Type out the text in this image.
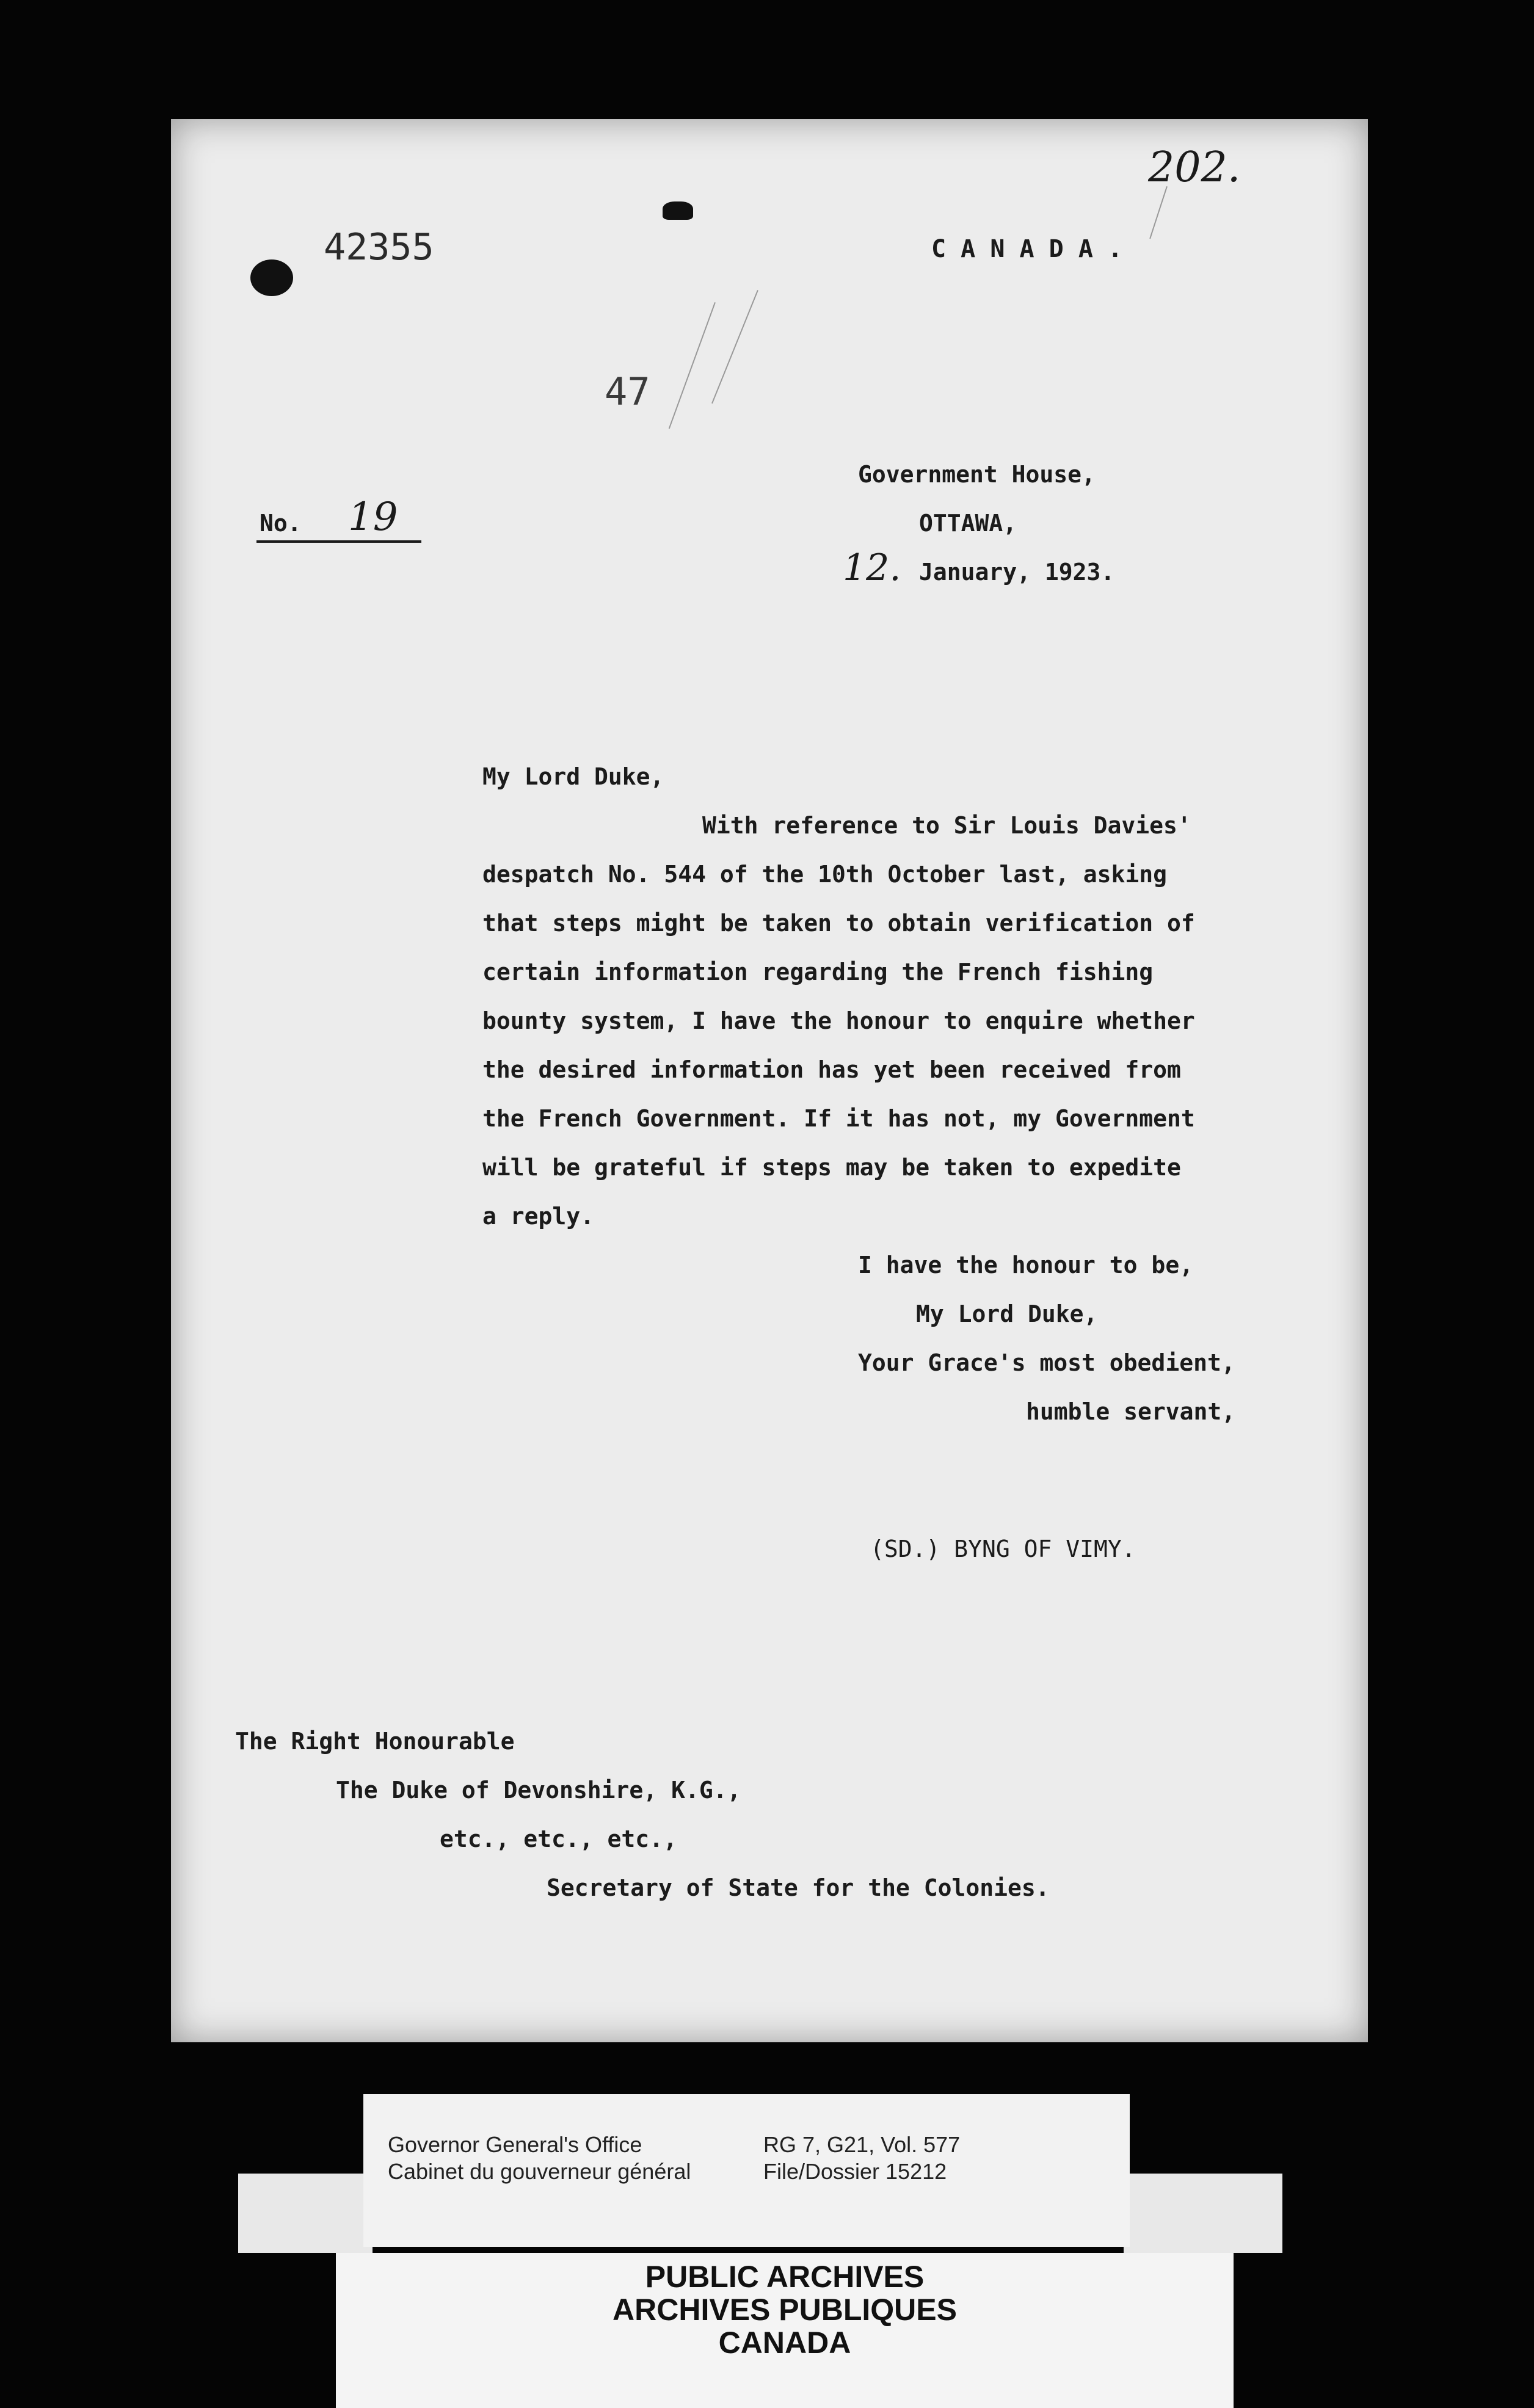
42355
202.
C A N A D A .
47
No. 19
Government House,
OTTAWA,
12. January, 1923.
My Lord Duke,
With reference to Sir Louis Davies'
despatch No. 544 of the 10th October last, asking
that steps might be taken to obtain verification of
certain information regarding the French fishing
bounty system, I have the honour to enquire whether
the desired information has yet been received from
the French Government. If it has not, my Government
will be grateful if steps may be taken to expedite
a reply.
I have the honour to be,
My Lord Duke,
Your Grace's most obedient,
humble servant,
(SD.) BYNG OF VIMY.
The Right Honourable
The Duke of Devonshire, K.G.,
etc., etc., etc.,
Secretary of State for the Colonies.
Governor General's Office
Cabinet du gouverneur général
RG 7, G21, Vol. 577
File/Dossier 15212
PUBLIC ARCHIVES
ARCHIVES PUBLIQUES
CANADA
